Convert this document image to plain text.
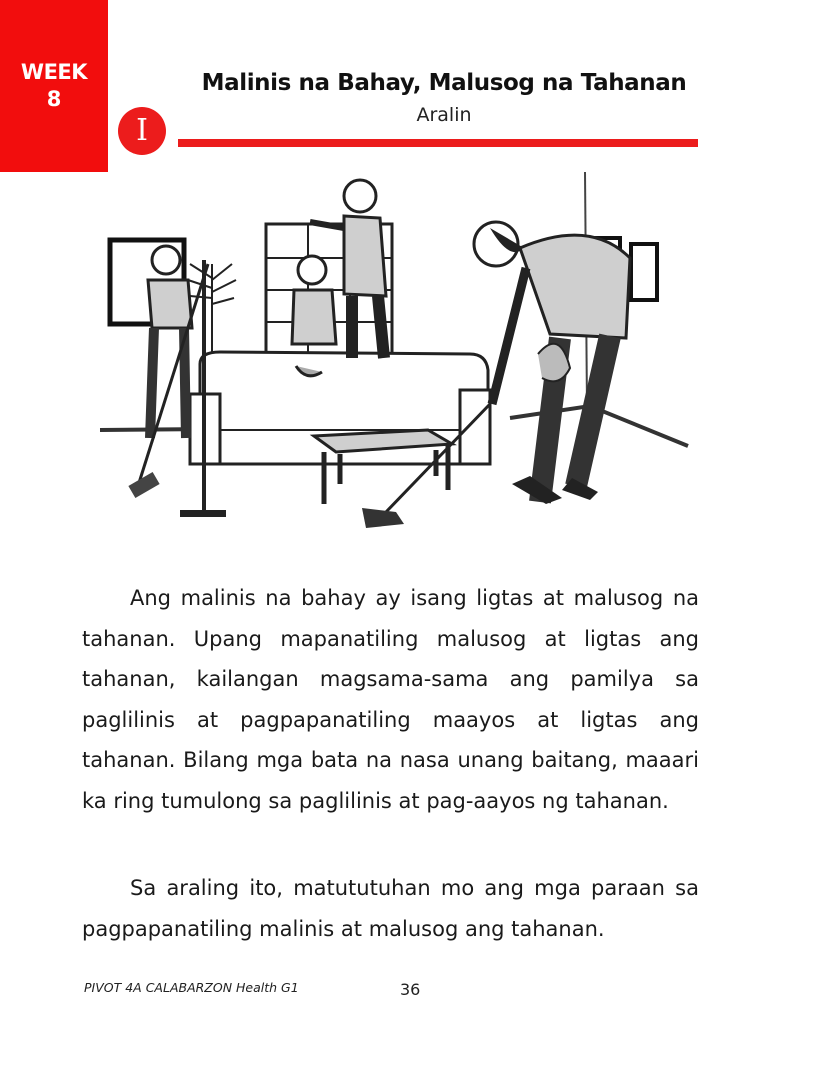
WEEK
8
Malinis na Bahay, Malusog na Tahanan
Aralin
I

Ang malinis na bahay ay isang ligtas at malusog na tahanan. Upang mapanatiling malusog at ligtas ang tahanan, kailangan magsama-sama ang pamilya sa paglilinis at pagpapanatiling maayos at ligtas ang tahanan. Bilang mga bata na nasa unang baitang, maaari ka ring tumulong sa paglilinis at pag-aayos ng tahanan.

Sa araling ito, matututuhan mo ang mga paraan sa pagpapanatiling malinis at malusog ang tahanan.

PIVOT 4A CALABARZON Health G1	36
